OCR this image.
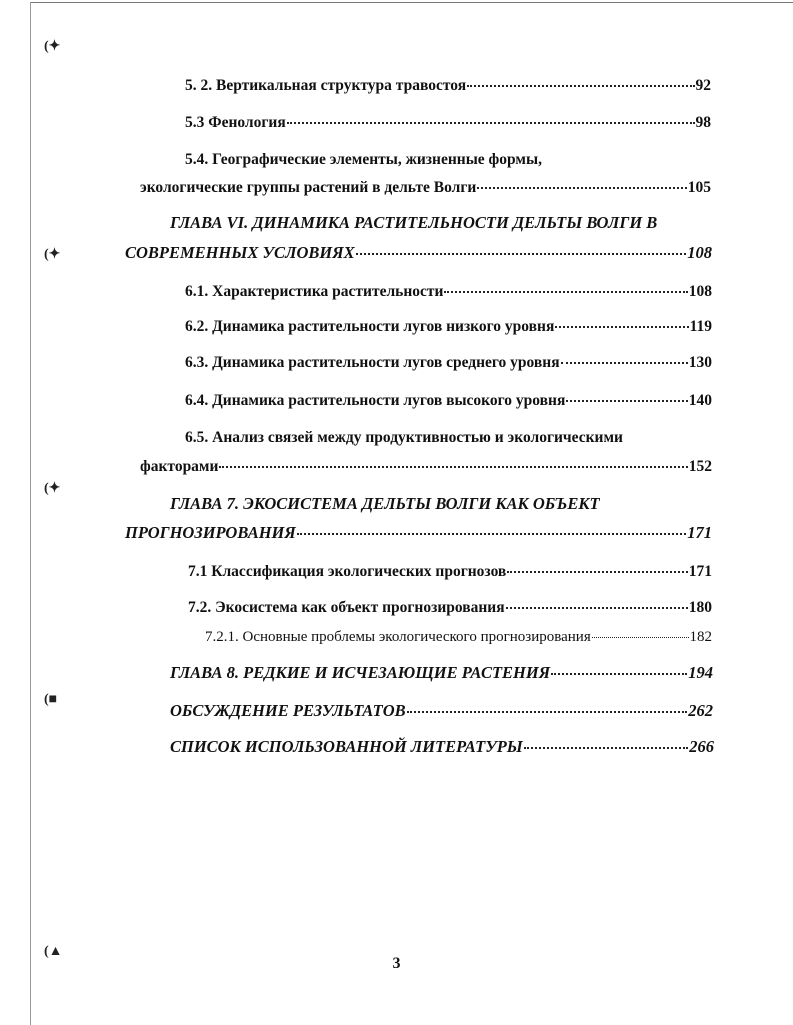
(✦
(✦
(✦
(■
(▲
5. 2. Вертикальная структура травостоя	92
5.3 Фенология	98
5.4. Географические элементы, жизненные формы,
экологические группы растений в дельте Волги	105
ГЛАВА VI. ДИНАМИКА РАСТИТЕЛЬНОСТИ ДЕЛЬТЫ ВОЛГИ В
СОВРЕМЕННЫХ УСЛОВИЯХ	108
6.1. Характеристика растительности	108
6.2. Динамика растительности лугов низкого уровня	119
6.3. Динамика растительности лугов среднего уровня	130
6.4. Динамика растительности лугов высокого уровня	140
6.5. Анализ связей между продуктивностью и экологическими
факторами	152
ГЛАВА 7. ЭКОСИСТЕМА ДЕЛЬТЫ ВОЛГИ КАК ОБЪЕКТ
ПРОГНОЗИРОВАНИЯ	171
7.1 Классификация экологических прогнозов	171
7.2. Экосистема как объект прогнозирования	180
7.2.1. Основные проблемы экологического прогнозирования	182
ГЛАВА 8. РЕДКИЕ И ИСЧЕЗАЮЩИЕ РАСТЕНИЯ	194
ОБСУЖДЕНИЕ РЕЗУЛЬТАТОВ	262
СПИСОК ИСПОЛЬЗОВАННОЙ ЛИТЕРАТУРЫ	266
3
